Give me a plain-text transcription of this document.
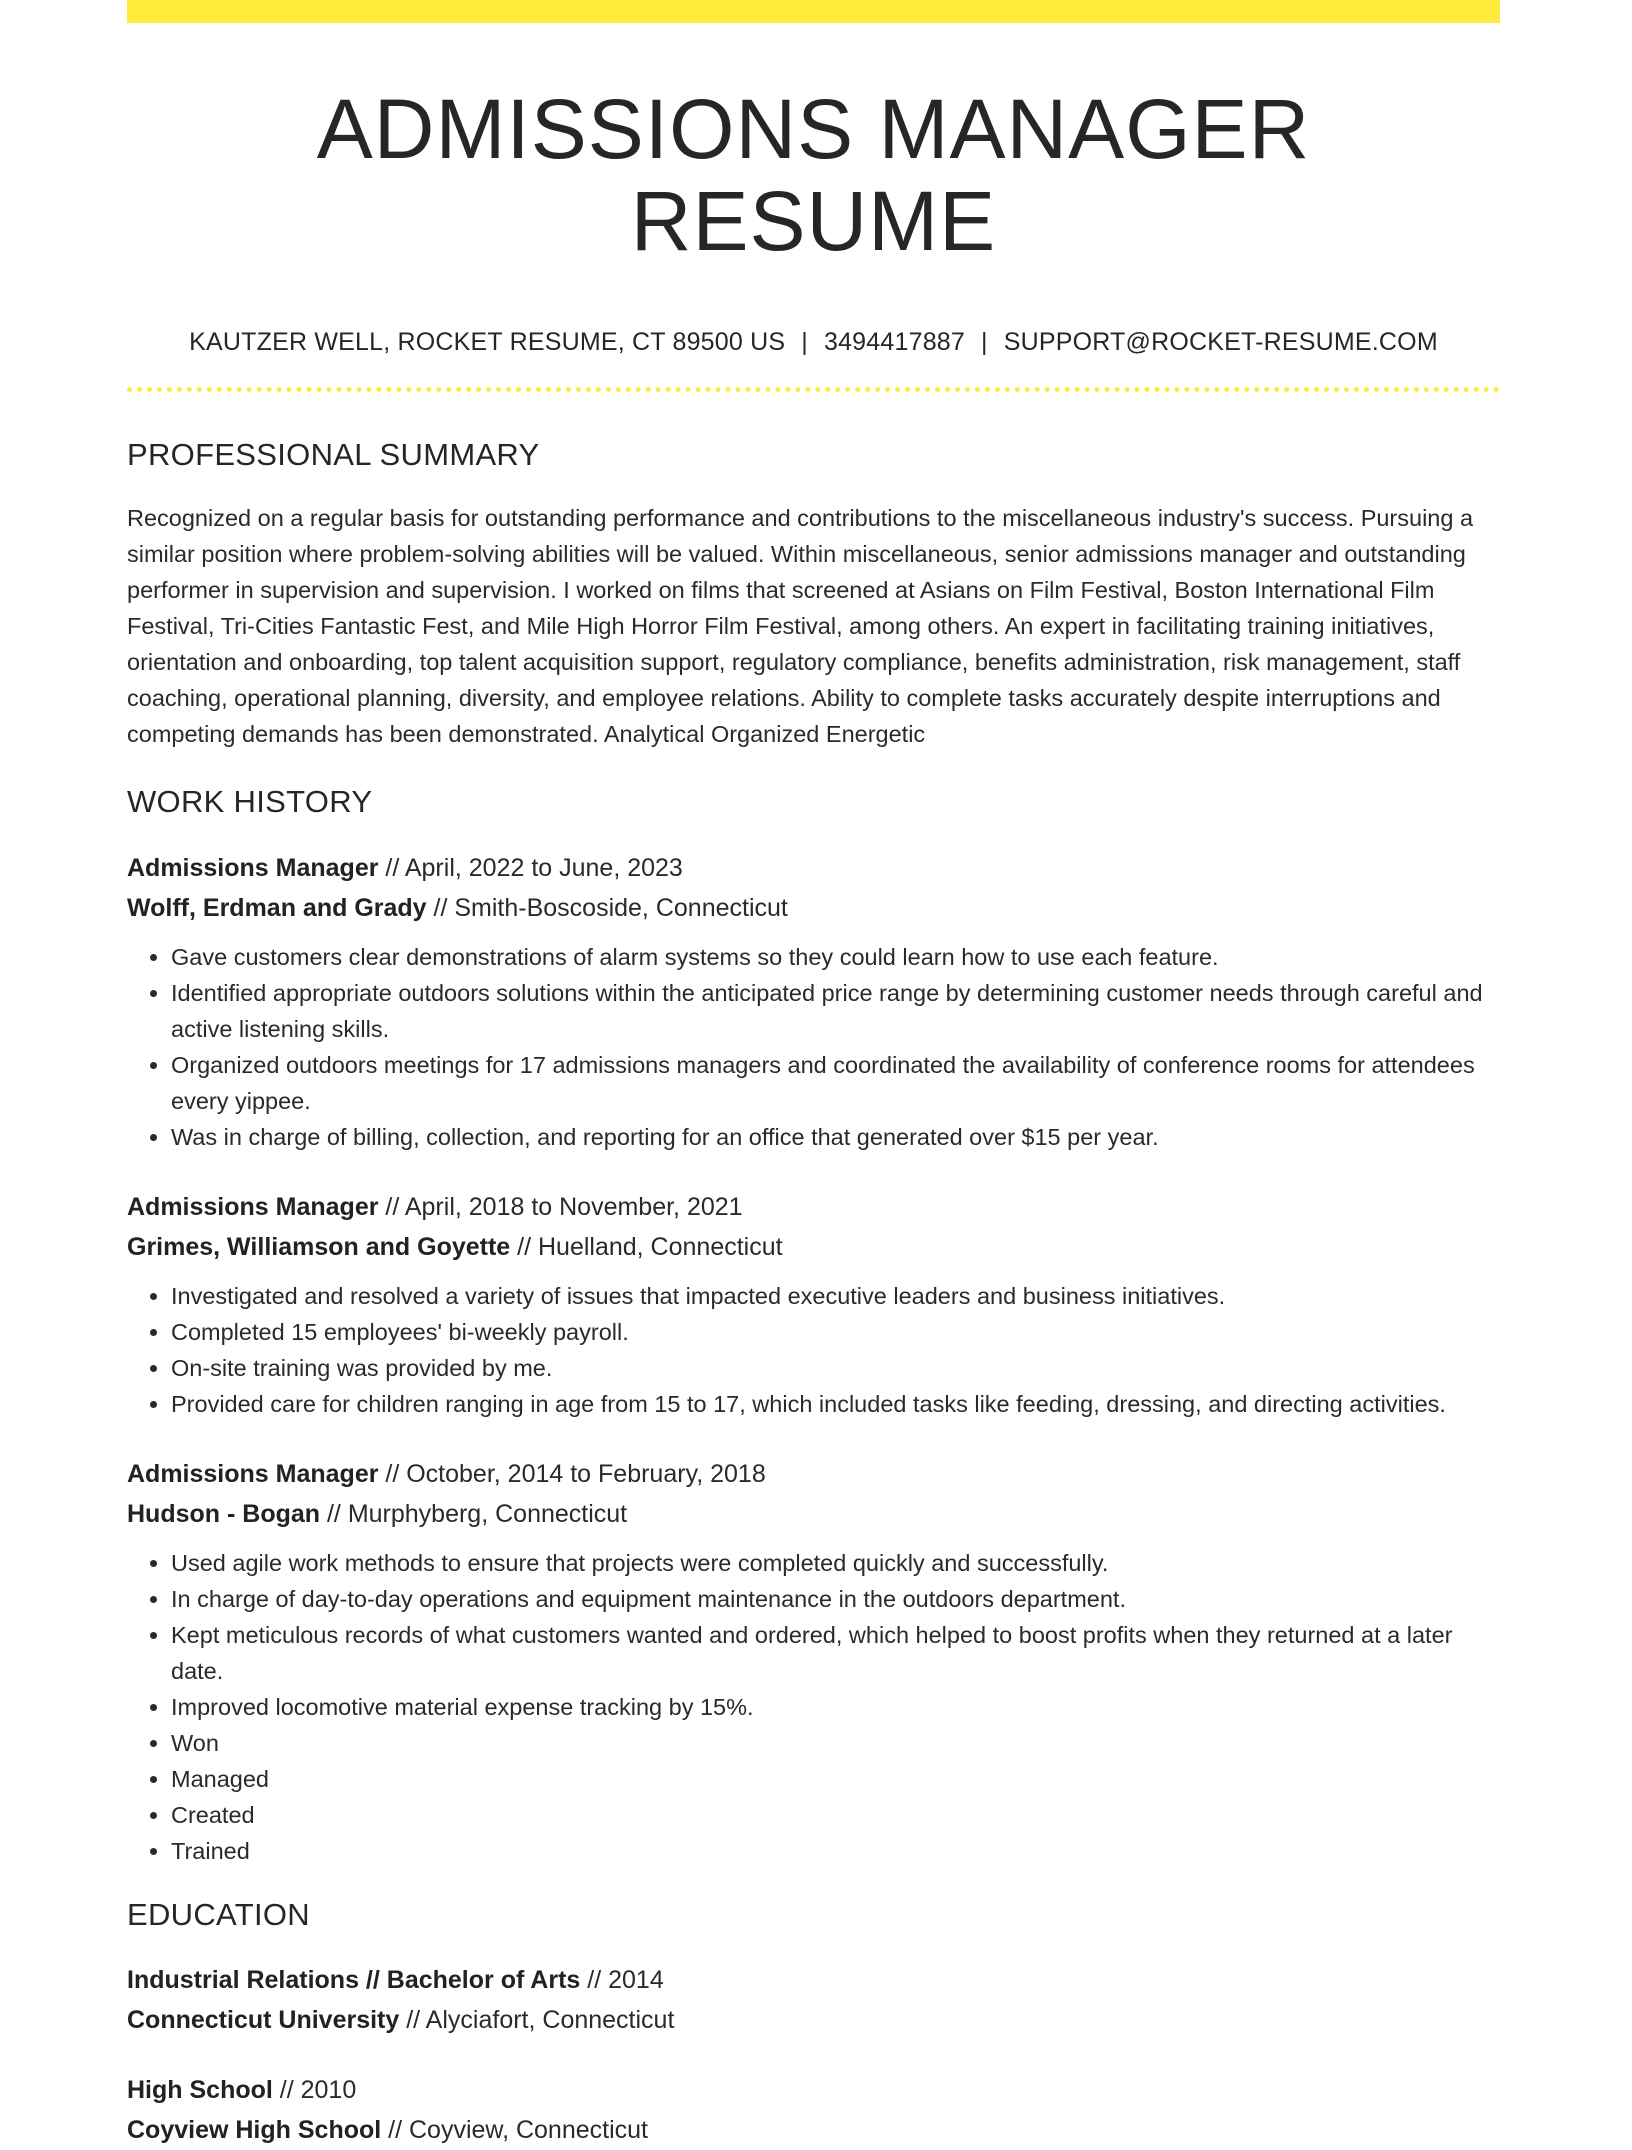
ADMISSIONS MANAGER RESUME
KAUTZER WELL, ROCKET RESUME, CT 89500 US | 3494417887 | SUPPORT@ROCKET-RESUME.COM
PROFESSIONAL SUMMARY
Recognized on a regular basis for outstanding performance and contributions to the miscellaneous industry's success. Pursuing a similar position where problem-solving abilities will be valued. Within miscellaneous, senior admissions manager and outstanding performer in supervision and supervision. I worked on films that screened at Asians on Film Festival, Boston International Film Festival, Tri-Cities Fantastic Fest, and Mile High Horror Film Festival, among others. An expert in facilitating training initiatives, orientation and onboarding, top talent acquisition support, regulatory compliance, benefits administration, risk management, staff coaching, operational planning, diversity, and employee relations. Ability to complete tasks accurately despite interruptions and competing demands has been demonstrated. Analytical Organized Energetic
WORK HISTORY
Admissions Manager // April, 2022 to June, 2023
Wolff, Erdman and Grady // Smith-Boscoside, Connecticut
• Gave customers clear demonstrations of alarm systems so they could learn how to use each feature.
• Identified appropriate outdoors solutions within the anticipated price range by determining customer needs through careful and active listening skills.
• Organized outdoors meetings for 17 admissions managers and coordinated the availability of conference rooms for attendees every yippee.
• Was in charge of billing, collection, and reporting for an office that generated over $15 per year.
Admissions Manager // April, 2018 to November, 2021
Grimes, Williamson and Goyette // Huelland, Connecticut
• Investigated and resolved a variety of issues that impacted executive leaders and business initiatives.
• Completed 15 employees' bi-weekly payroll.
• On-site training was provided by me.
• Provided care for children ranging in age from 15 to 17, which included tasks like feeding, dressing, and directing activities.
Admissions Manager // October, 2014 to February, 2018
Hudson - Bogan // Murphyberg, Connecticut
• Used agile work methods to ensure that projects were completed quickly and successfully.
• In charge of day-to-day operations and equipment maintenance in the outdoors department.
• Kept meticulous records of what customers wanted and ordered, which helped to boost profits when they returned at a later date.
• Improved locomotive material expense tracking by 15%.
• Won
• Managed
• Created
• Trained
EDUCATION
Industrial Relations // Bachelor of Arts // 2014
Connecticut University // Alyciafort, Connecticut
High School // 2010
Coyview High School // Coyview, Connecticut
